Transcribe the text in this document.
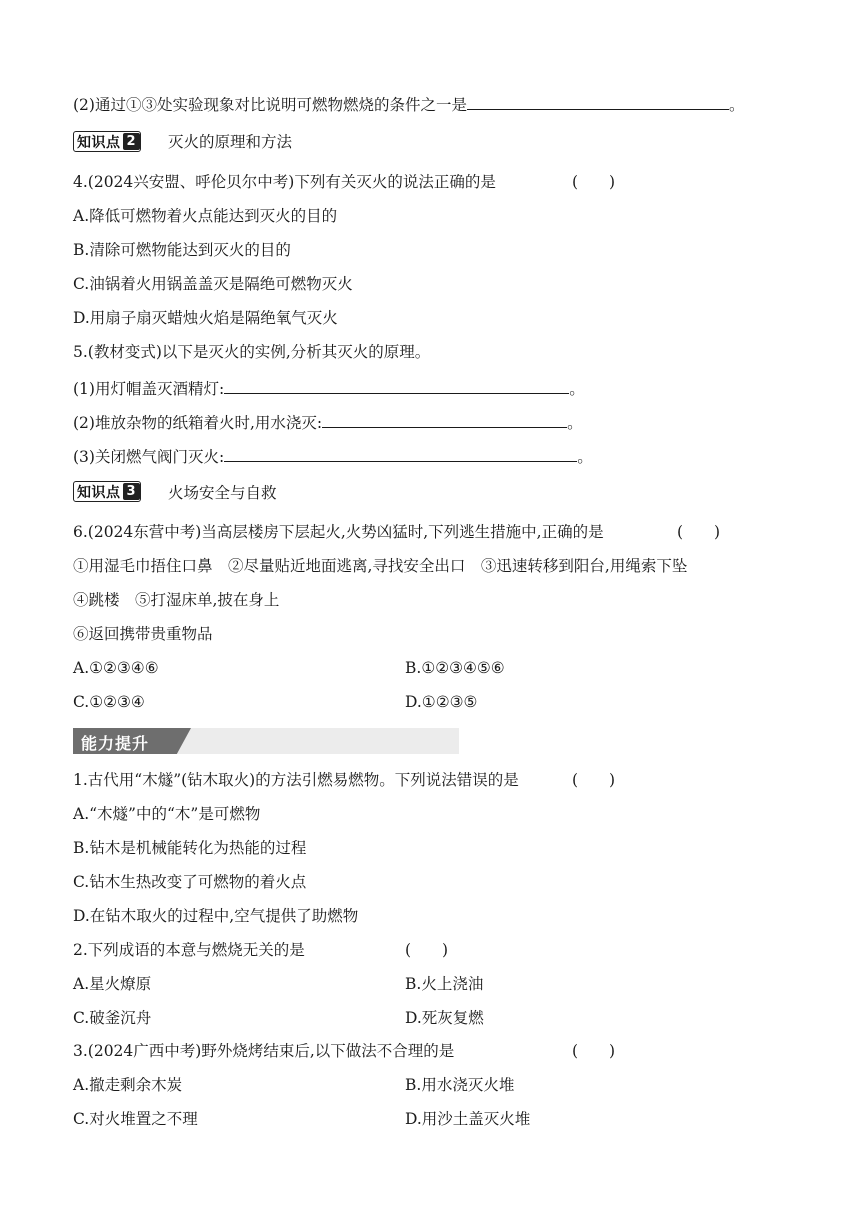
(2)通过①③处实验现象对比说明可燃物燃烧的条件之一是	。
知识点 2 灭火的原理和方法
4.(2024兴安盟、呼伦贝尔中考)下列有关灭火的说法正确的是	(　　)
A.降低可燃物着火点能达到灭火的目的
B.清除可燃物能达到灭火的目的
C.油锅着火用锅盖盖灭是隔绝可燃物灭火
D.用扇子扇灭蜡烛火焰是隔绝氧气灭火
5.(教材变式)以下是灭火的实例,分析其灭火的原理。
(1)用灯帽盖灭酒精灯:	。
(2)堆放杂物的纸箱着火时,用水浇灭:	。
(3)关闭燃气阀门灭火:	。
知识点 3 火场安全与自救
6.(2024东营中考)当高层楼房下层起火,火势凶猛时,下列逃生措施中,正确的是	(　　)
①用湿毛巾捂住口鼻　②尽量贴近地面逃离,寻找安全出口　③迅速转移到阳台,用绳索下坠
④跳楼　⑤打湿床单,披在身上
⑥返回携带贵重物品
A.①②③④⑥	B.①②③④⑤⑥
C.①②③④	D.①②③⑤
能力提升
1.古代用“木燧”(钻木取火)的方法引燃易燃物。下列说法错误的是	(　　)
A.“木燧”中的“木”是可燃物
B.钻木是机械能转化为热能的过程
C.钻木生热改变了可燃物的着火点
D.在钻木取火的过程中,空气提供了助燃物
2.下列成语的本意与燃烧无关的是	(　　)
A.星火燎原	B.火上浇油
C.破釜沉舟	D.死灰复燃
3.(2024广西中考)野外烧烤结束后,以下做法不合理的是	(　　)
A.撤走剩余木炭	B.用水浇灭火堆
C.对火堆置之不理	D.用沙土盖灭火堆
